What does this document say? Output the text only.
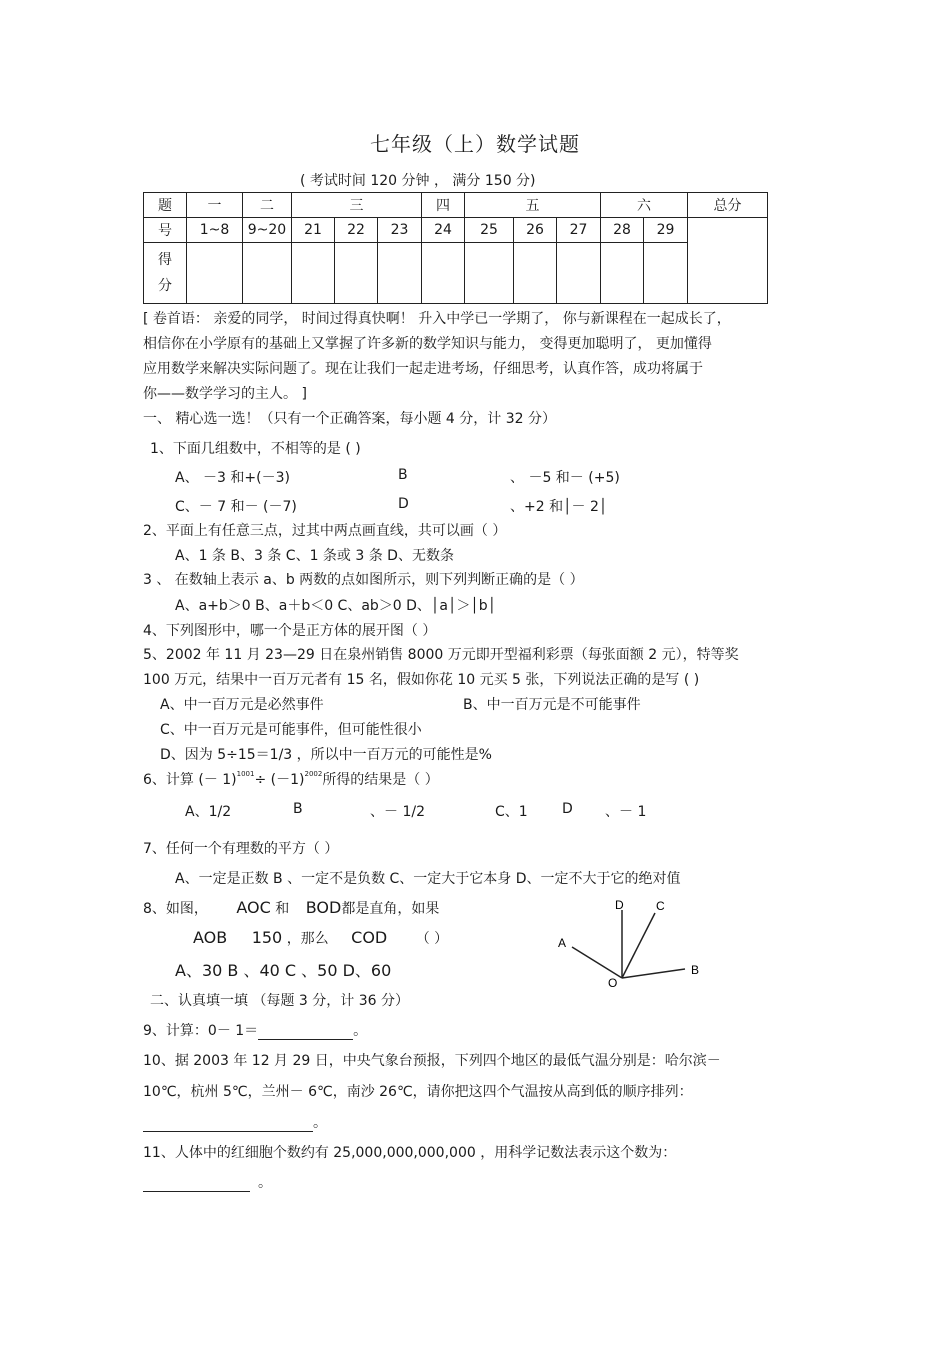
七年级（上）数学试题
( 考试时间 120 分钟 ， 满分 150 分)
题	一	二	三			四	五			六		总分
号	1~8	9~20	21	22	23	24	25	26	27	28	29	
得
分												
[ 卷首语： 亲爱的同学， 时间过得真快啊！ 升入中学已一学期了， 你与新课程在一起成长了，
相信你在小学原有的基础上又掌握了许多新的数学知识与能力， 变得更加聪明了， 更加懂得
应用数学来解决实际问题了。现在让我们一起走进考场，仔细思考，认真作答，成功将属于
你——数学学习的主人。 ]
一、 精心选一选！（只有一个正确答案，每小题 4 分，计 32 分）
1、下面几组数中，不相等的是 ( )
A、 －3 和+(－3)	B	、 －5 和－ (+5)
C、－ 7 和－ (－7)	D	、+2 和│－ 2│
2、平面上有任意三点，过其中两点画直线，共可以画（ ）
A、1 条 B、3 条 C、1 条或 3 条 D、无数条
3 、 在数轴上表示 a、b 两数的点如图所示，则下列判断正确的是（ ）
A、a+b＞0 B、a＋b＜0 C、ab＞0 D、│a│＞│b│
4、下列图形中，哪一个是正方体的展开图（ ）
5、2002 年 11 月 23—29 日在泉州销售 8000 万元即开型福利彩票（每张面额 2 元），特等奖
100 万元，结果中一百万元者有 15 名，假如你花 10 元买 5 张，下列说法正确的是写 ( )
A、中一百万元是必然事件	B、中一百万元是不可能事件
C、中一百万元是可能事件，但可能性很小
D、因为 5÷15＝1/3 ，所以中一百万元的可能性是%
6、计算 (－ $1)^{1001}\div (-1)^{2002}$所得的结果是（ ）
A、1/2	B	、－ 1/2	C、1 D 、－ 1
7、任何一个有理数的平方（ ）
A、一定是正数 B 、一定不是负数 C、一定大于它本身 D、一定不大于它的绝对值
8、如图， AOC 和 BOD都是直角，如果
AOB 150 ，那么 COD （ ）
A、30 B 、40 C 、50 D、60
D	C
A
B
O
二、认真填一填 （每题 3 分，计 36 分）
9、计算：0－ 1＝	。
10、据 2003 年 12 月 29 日，中央气象台预报，下列四个地区的最低气温分别是：哈尔滨－
10℃，杭州 5℃，兰州－ 6℃，南沙 26℃，请你把这四个气温按从高到低的顺序排列：
。
11、人体中的红细胞个数约有 25,000,000,000,000 ，用科学记数法表示这个数为：
。
